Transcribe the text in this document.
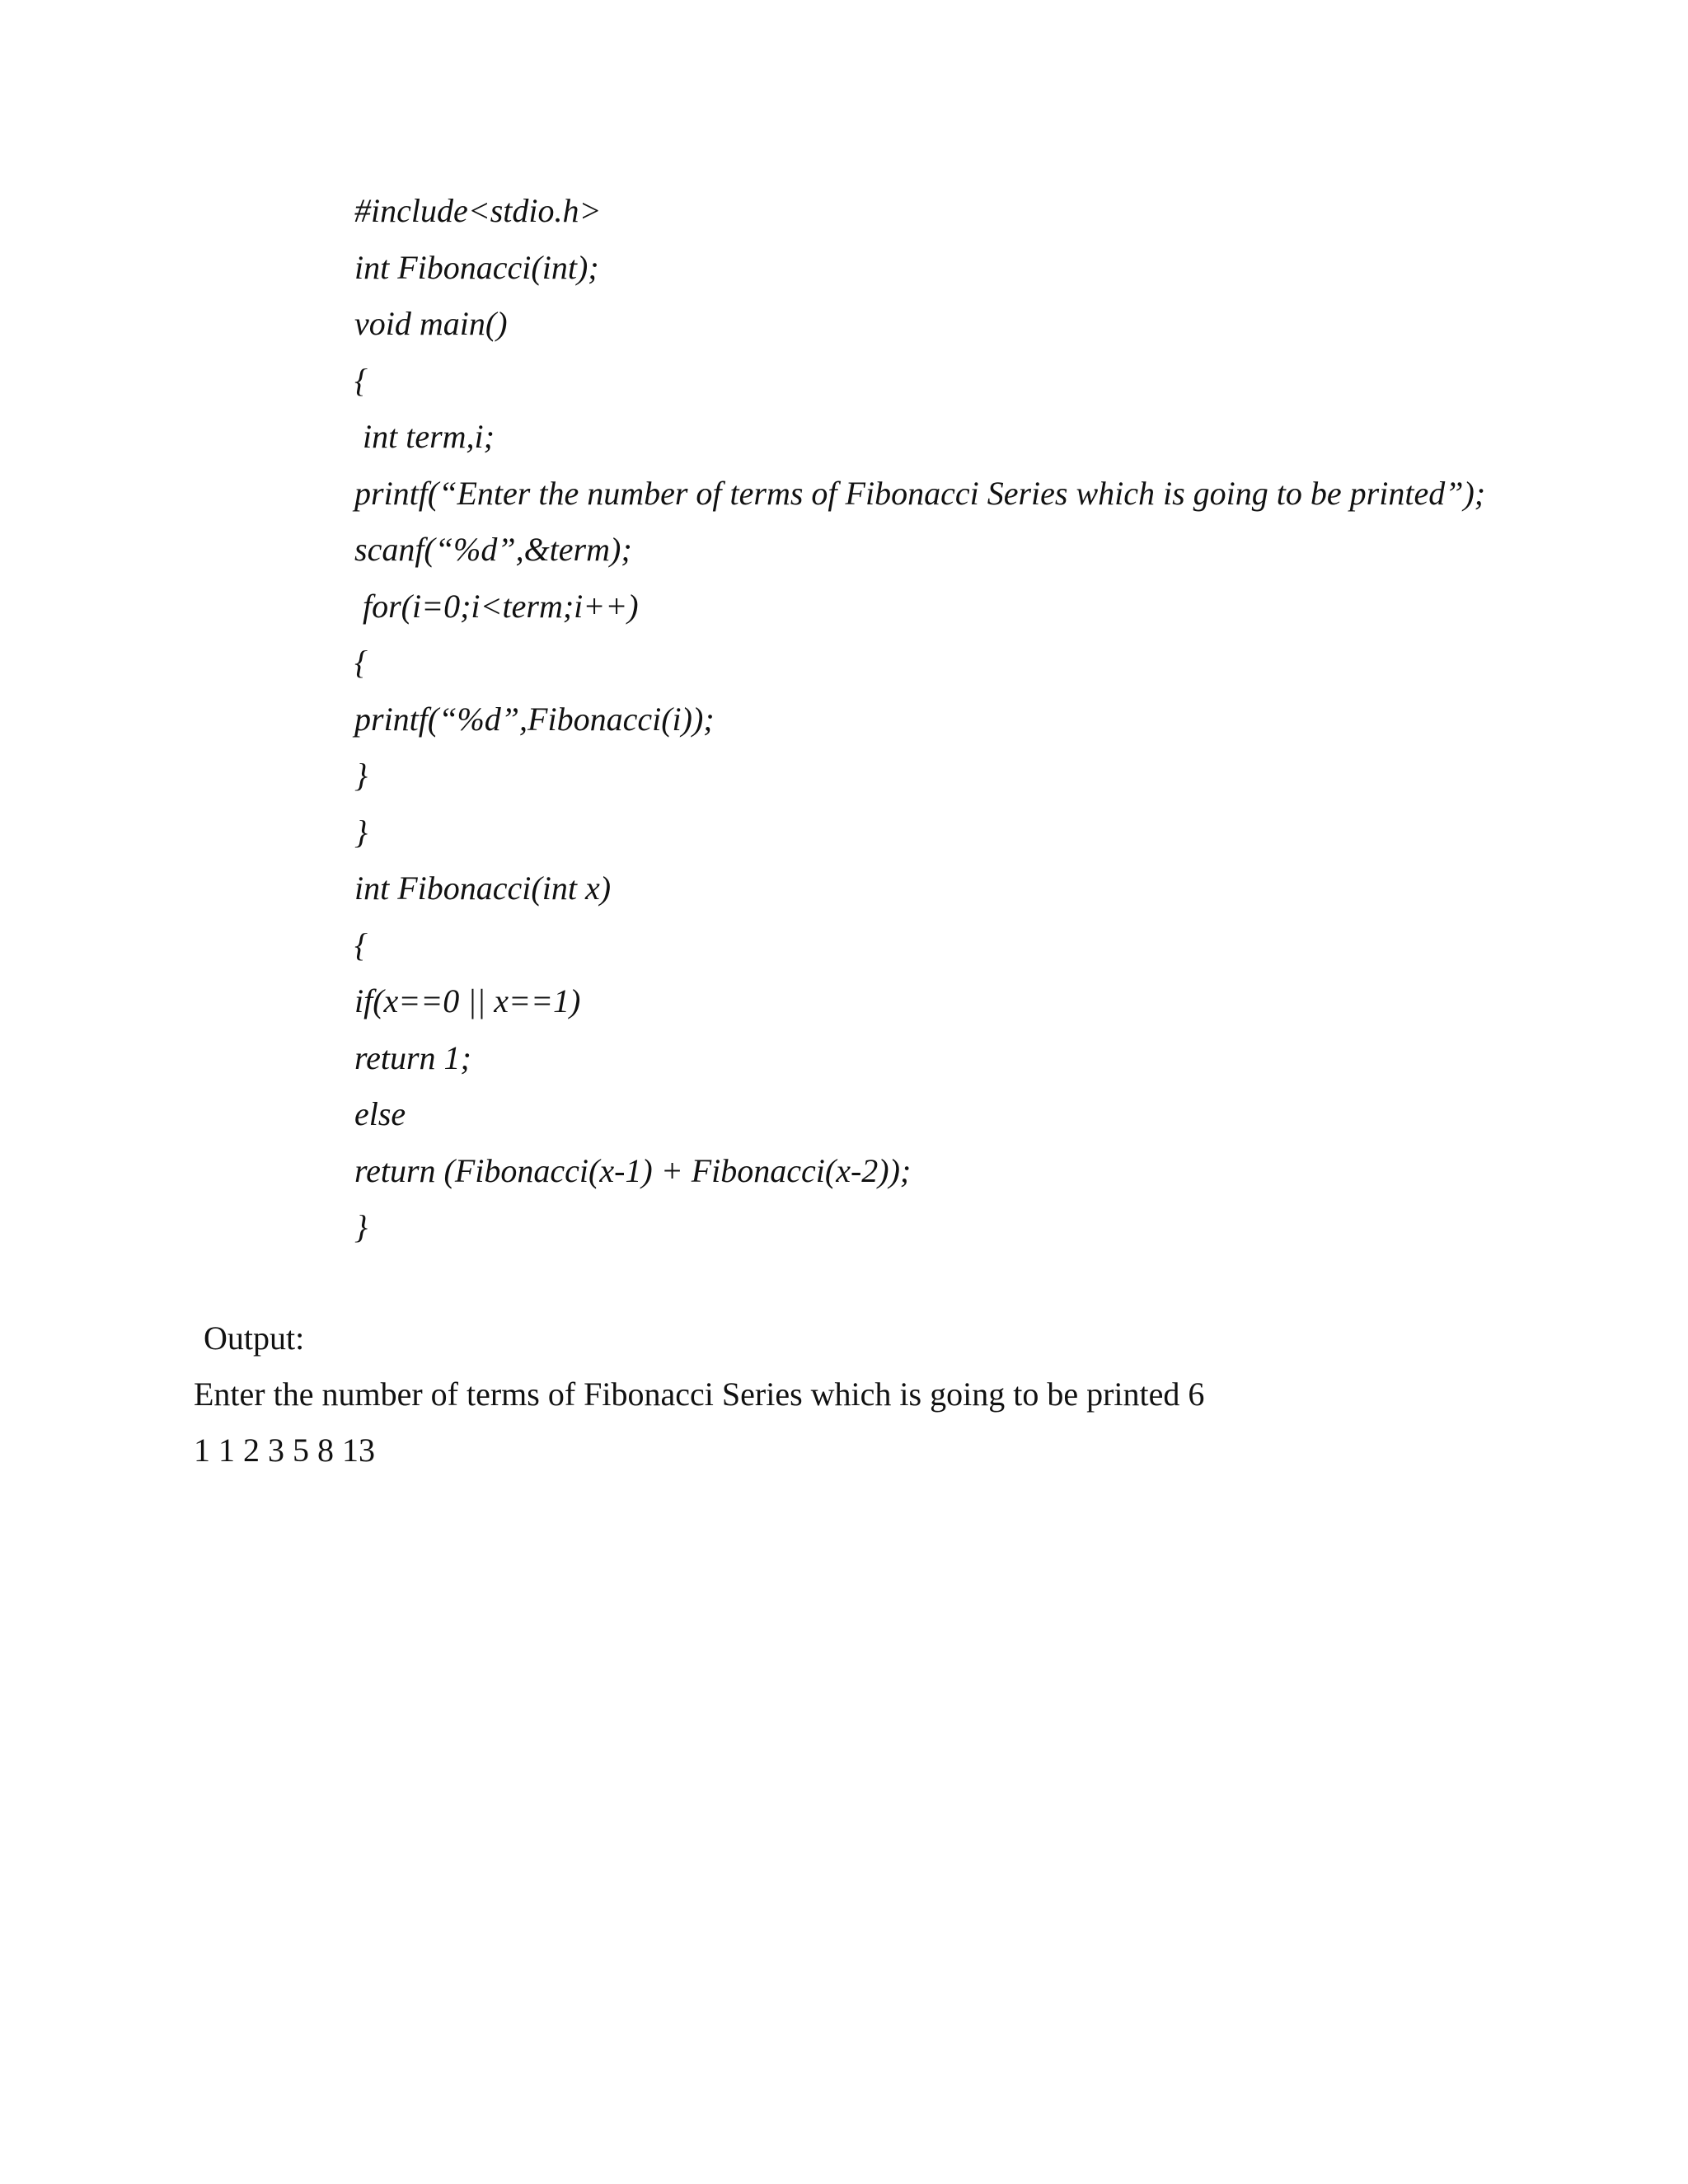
#include<stdio.h>
int Fibonacci(int);
void main()
{
int term,i;
printf(“Enter the number of terms of Fibonacci Series which is going to be printed”);
scanf(“%d”,&term);
for(i=0;i<term;i++)
{
printf(“%d”,Fibonacci(i));
}
}
int Fibonacci(int x)
{
if(x==0 || x==1)
return 1;
else
return (Fibonacci(x-1) + Fibonacci(x-2));
}
Output:
Enter the number of terms of Fibonacci Series which is going to be printed 6
1 1 2 3 5 8 13
